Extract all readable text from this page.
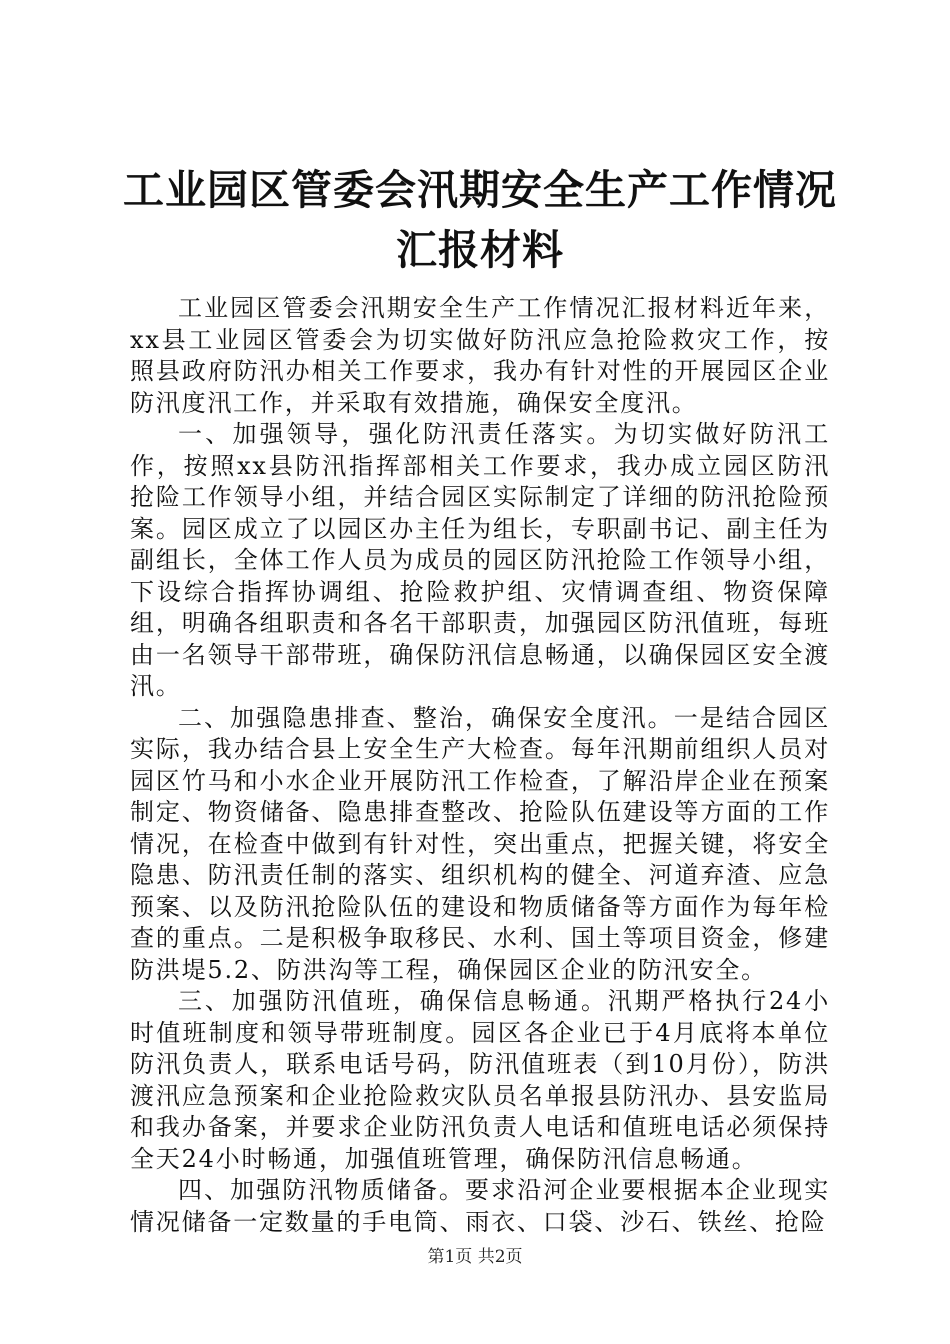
工业园区管委会汛期安全生产工作情况汇报材料

工业园区管委会汛期安全生产工作情况汇报材料近年来，xx县工业园区管委会为切实做好防汛应急抢险救灾工作，按照县政府防汛办相关工作要求，我办有针对性的开展园区企业防汛度汛工作，并采取有效措施，确保安全度汛。

一、加强领导，强化防汛责任落实。为切实做好防汛工作，按照xx县防汛指挥部相关工作要求，我办成立园区防汛抢险工作领导小组，并结合园区实际制定了详细的防汛抢险预案。园区成立了以园区办主任为组长，专职副书记、副主任为副组长，全体工作人员为成员的园区防汛抢险工作领导小组，下设综合指挥协调组、抢险救护组、灾情调查组、物资保障组，明确各组职责和各名干部职责，加强园区防汛值班，每班由一名领导干部带班，确保防汛信息畅通，以确保园区安全渡汛。

二、加强隐患排查、整治，确保安全度汛。一是结合园区实际，我办结合县上安全生产大检查。每年汛期前组织人员对园区竹马和小水企业开展防汛工作检查，了解沿岸企业在预案制定、物资储备、隐患排查整改、抢险队伍建设等方面的工作情况，在检查中做到有针对性，突出重点，把握关键，将安全隐患、防汛责任制的落实、组织机构的健全、河道弃渣、应急预案、以及防汛抢险队伍的建设和物质储备等方面作为每年检查的重点。二是积极争取移民、水利、国土等项目资金，修建防洪堤5.2、防洪沟等工程，确保园区企业的防汛安全。

三、加强防汛值班，确保信息畅通。汛期严格执行24小时值班制度和领导带班制度。园区各企业已于4月底将本单位防汛负责人，联系电话号码，防汛值班表（到10月份），防洪渡汛应急预案和企业抢险救灾队员名单报县防汛办、县安监局和我办备案，并要求企业防汛负责人电话和值班电话必须保持全天24小时畅通，加强值班管理，确保防汛信息畅通。

四、加强防汛物质储备。要求沿河企业要根据本企业现实情况储备一定数量的手电筒、雨衣、口袋、沙石、铁丝、抢险

第1页 共2页
